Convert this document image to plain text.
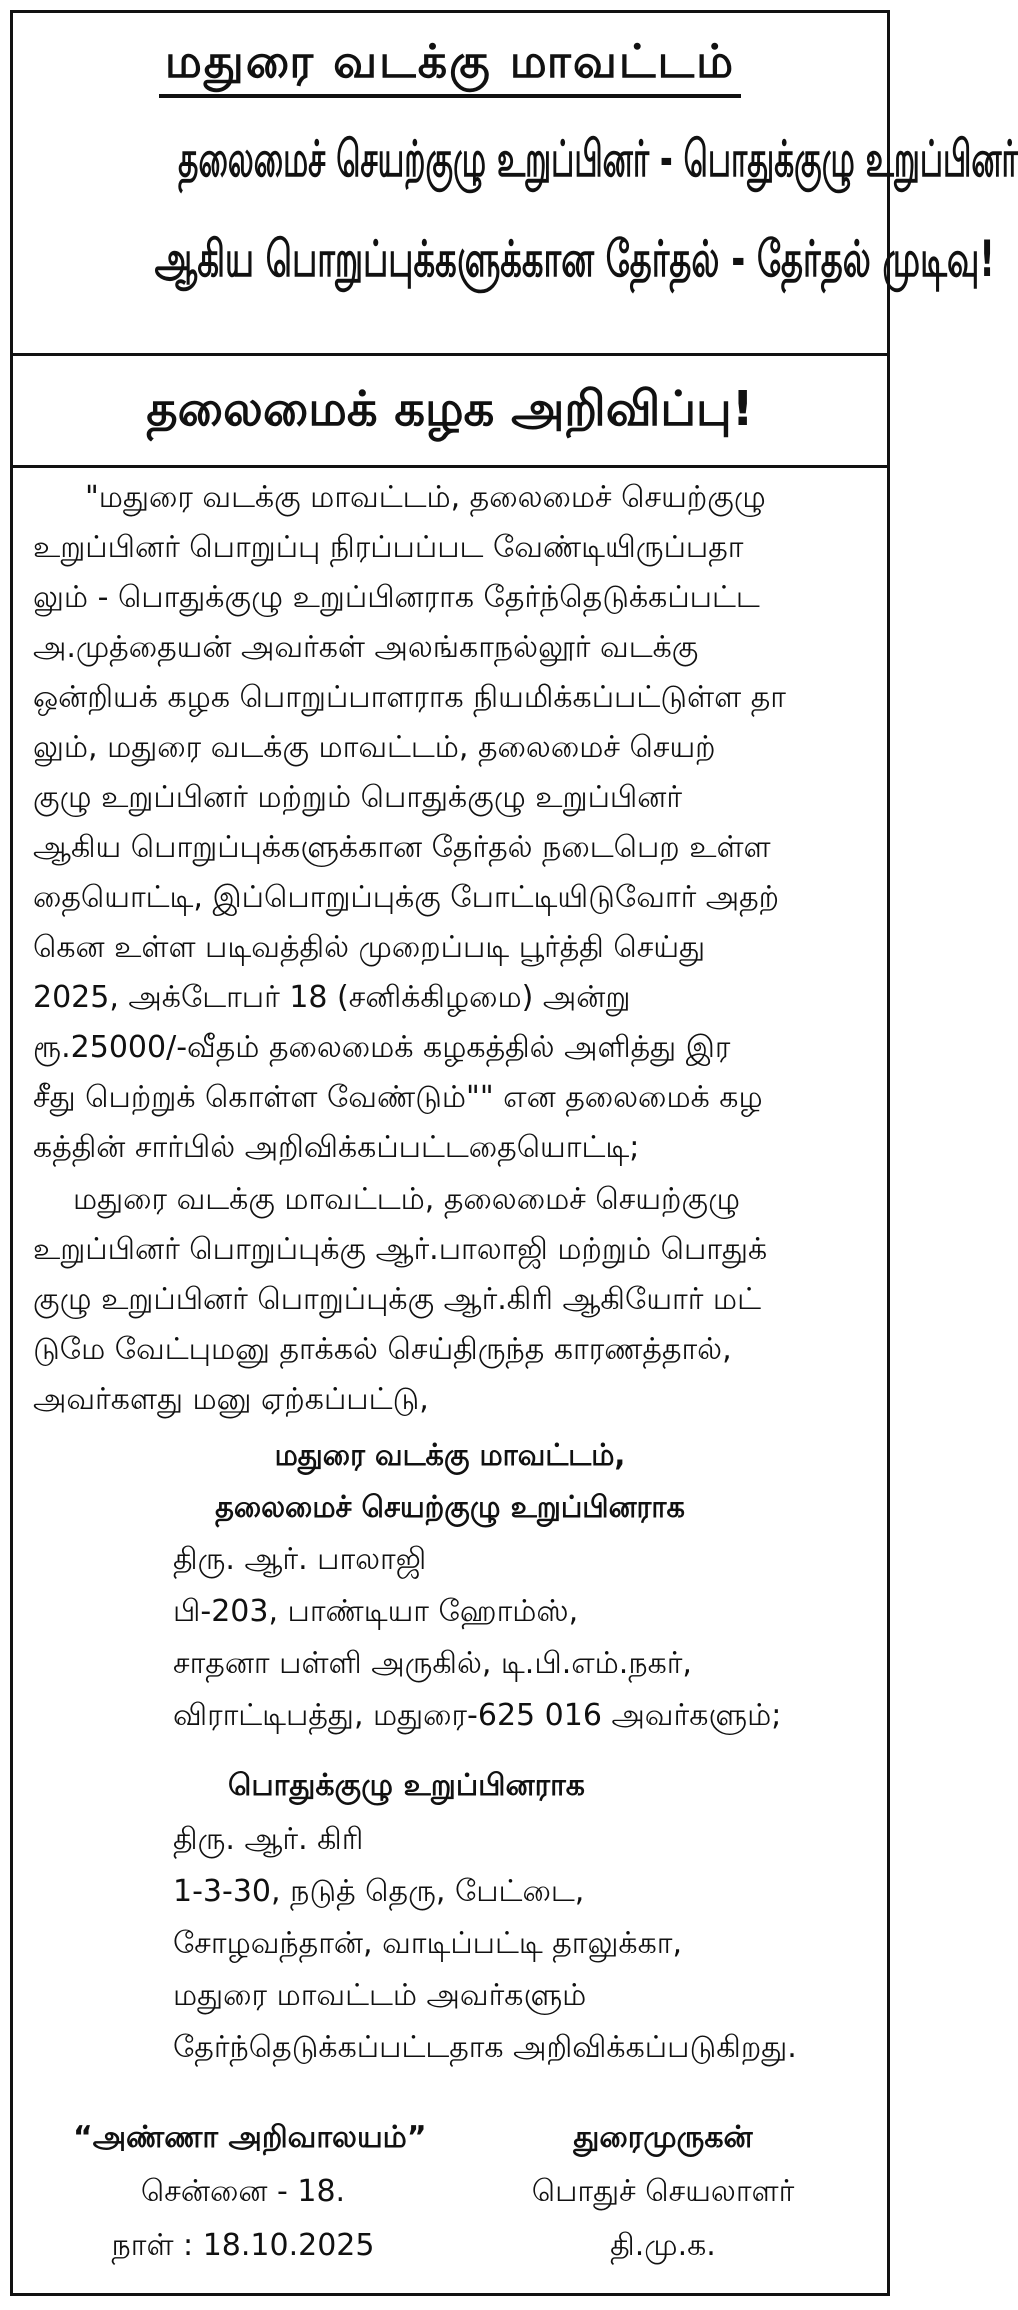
மதுரை வடக்கு மாவட்டம்
தலைமைச் செயற்குழு உறுப்பினர் - பொதுக்குழு உறுப்பினர்
ஆகிய பொறுப்புக்களுக்கான தேர்தல் - தேர்தல் முடிவு!
தலைமைக் கழக அறிவிப்பு!
"மதுரை வடக்கு மாவட்டம், தலைமைச் செயற்குழு
உறுப்பினர் பொறுப்பு நிரப்பப்பட வேண்டியிருப்பதா
லும் - பொதுக்குழு உறுப்பினராக தேர்ந்தெடுக்கப்பட்ட
அ.முத்தையன் அவர்கள் அலங்காநல்லூர் வடக்கு
ஒன்றியக் கழக பொறுப்பாளராக நியமிக்கப்பட்டுள்ள தா
லும், மதுரை வடக்கு மாவட்டம், தலைமைச் செயற்
குழு உறுப்பினர் மற்றும் பொதுக்குழு உறுப்பினர்
ஆகிய பொறுப்புக்களுக்கான தேர்தல் நடைபெற உள்ள
தையொட்டி, இப்பொறுப்புக்கு போட்டியிடுவோர் அதற்
கென உள்ள படிவத்தில் முறைப்படி பூர்த்தி செய்து
2025, அக்டோபர் 18 (சனிக்கிழமை) அன்று
ரூ.25000/-வீதம் தலைமைக் கழகத்தில் அளித்து இர
சீது பெற்றுக் கொள்ள வேண்டும்"" என தலைமைக் கழ
கத்தின் சார்பில் அறிவிக்கப்பட்டதையொட்டி;
மதுரை வடக்கு மாவட்டம், தலைமைச் செயற்குழு
உறுப்பினர் பொறுப்புக்கு ஆர்.பாலாஜி மற்றும் பொதுக்
குழு உறுப்பினர் பொறுப்புக்கு ஆர்.கிரி ஆகியோர் மட்
டுமே வேட்புமனு தாக்கல் செய்திருந்த காரணத்தால்,
அவர்களது மனு ஏற்கப்பட்டு,
மதுரை வடக்கு மாவட்டம்,
தலைமைச் செயற்குழு உறுப்பினராக
திரு. ஆர். பாலாஜி
பி-203, பாண்டியா ஹோம்ஸ்,
சாதனா பள்ளி அருகில், டி.பி.எம்.நகர்,
விராட்டிபத்து, மதுரை-625 016 அவர்களும்;
பொதுக்குழு உறுப்பினராக
திரு. ஆர். கிரி
1-3-30, நடுத் தெரு, பேட்டை,
சோழவந்தான், வாடிப்பட்டி தாலுக்கா,
மதுரை மாவட்டம் அவர்களும்
தேர்ந்தெடுக்கப்பட்டதாக அறிவிக்கப்படுகிறது.
“அண்ணா அறிவாலயம்”
சென்னை - 18.
நாள் : 18.10.2025
துரைமுருகன்
பொதுச் செயலாளர்
தி.மு.க.
